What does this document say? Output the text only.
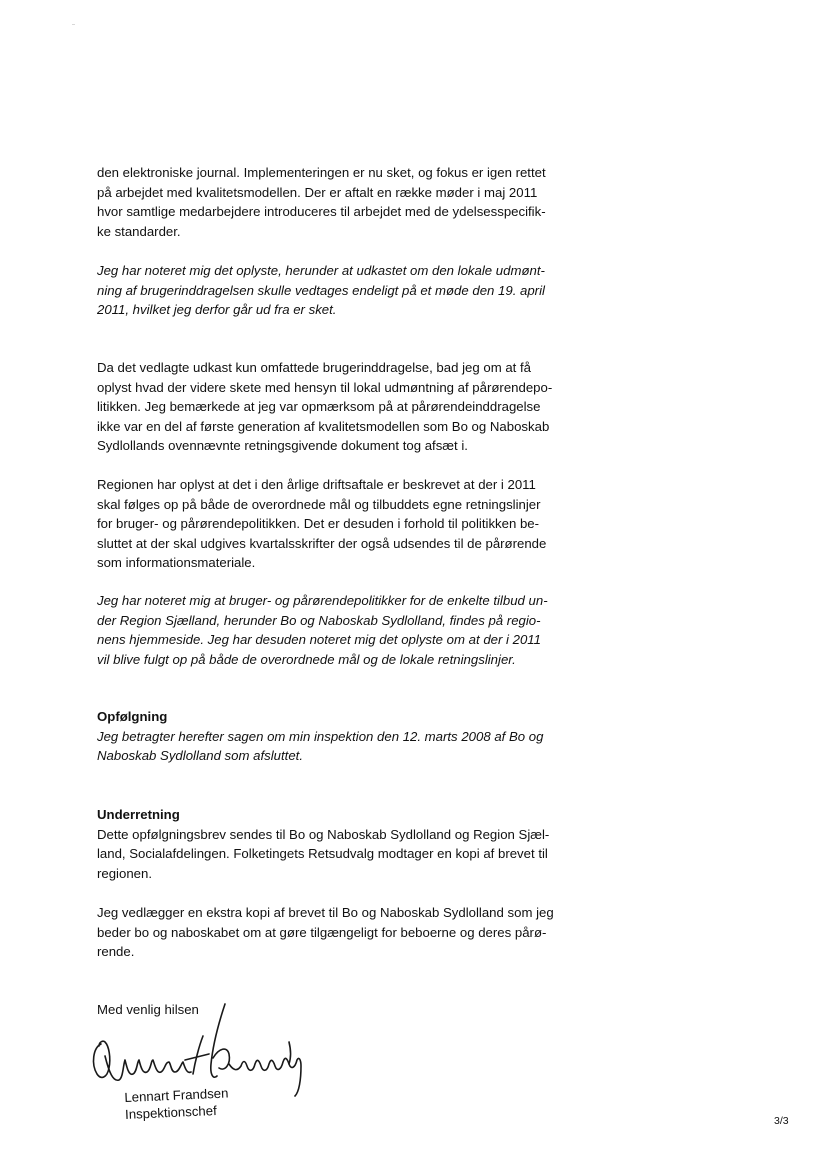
den elektroniske journal. Implementeringen er nu sket, og fokus er igen rettet
på arbejdet med kvalitetsmodellen. Der er aftalt en række møder i maj 2011
hvor samtlige medarbejdere introduceres til arbejdet med de ydelsesspecifik-
ke standarder.

Jeg har noteret mig det oplyste, herunder at udkastet om den lokale udmønt-
ning af brugerinddragelsen skulle vedtages endeligt på et møde den 19. april
2011, hvilket jeg derfor går ud fra er sket.

Da det vedlagte udkast kun omfattede brugerinddragelse, bad jeg om at få
oplyst hvad der videre skete med hensyn til lokal udmøntning af pårørendepo-
litikken. Jeg bemærkede at jeg var opmærksom på at pårørendeinddragelse
ikke var en del af første generation af kvalitetsmodellen som Bo og Naboskab
Sydlollands ovennævnte retningsgivende dokument tog afsæt i.

Regionen har oplyst at det i den årlige driftsaftale er beskrevet at der i 2011
skal følges op på både de overordnede mål og tilbuddets egne retningslinjer
for bruger- og pårørendepolitikken. Det er desuden i forhold til politikken be-
sluttet at der skal udgives kvartalsskrifter der også udsendes til de pårørende
som informationsmateriale.

Jeg har noteret mig at bruger- og pårørendepolitikker for de enkelte tilbud un-
der Region Sjælland, herunder Bo og Naboskab Sydlolland, findes på regio-
nens hjemmeside. Jeg har desuden noteret mig det oplyste om at der i 2011
vil blive fulgt op på både de overordnede mål og de lokale retningslinjer.

Opfølgning

Jeg betragter herefter sagen om min inspektion den 12. marts 2008 af Bo og
Naboskab Sydlolland som afsluttet.

Underretning

Dette opfølgningsbrev sendes til Bo og Naboskab Sydlolland og Region Sjæl-
land, Socialafdelingen. Folketingets Retsudvalg modtager en kopi af brevet til
regionen.

Jeg vedlægger en ekstra kopi af brevet til Bo og Naboskab Sydlolland som jeg
beder bo og naboskabet om at gøre tilgængeligt for beboerne og deres pårø-
rende.

Med venlig hilsen
Lennart Frandsen
Inspektionschef	3/3
